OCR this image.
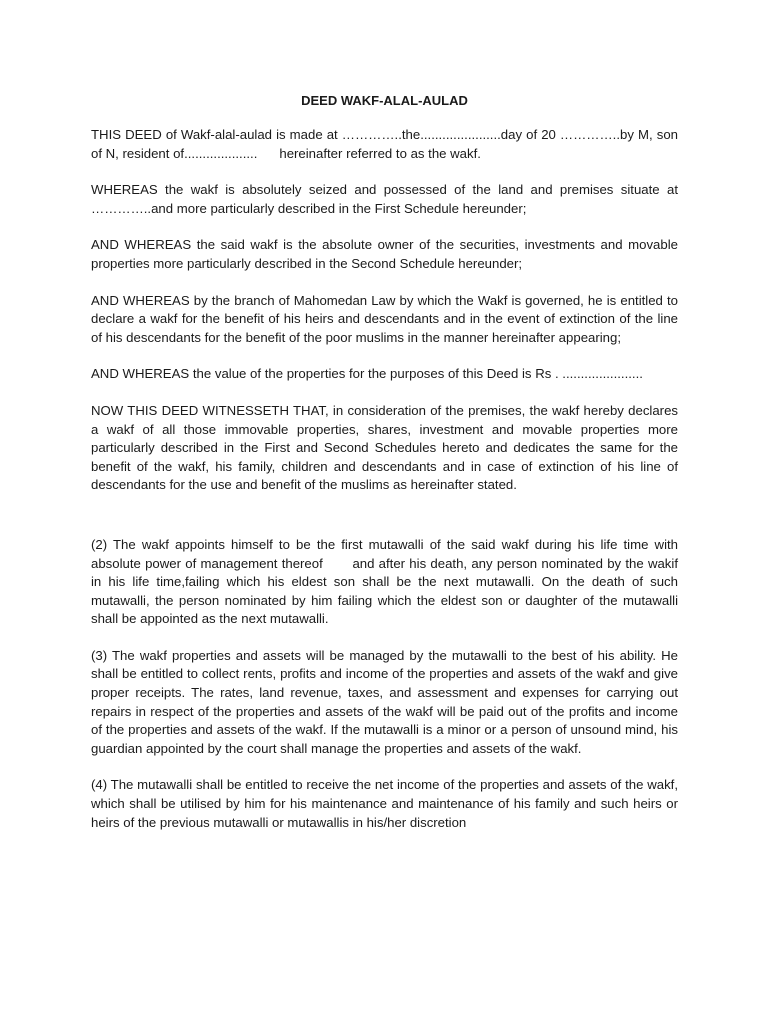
DEED WAKF-ALAL-AULAD

THIS DEED of Wakf-alal-aulad is made at …………..the......................day of 20 …………..by M, son of N, resident of....................      hereinafter referred to as the wakf.

WHEREAS the wakf is absolutely seized and possessed of the land and premises situate at …………..and more particularly described in the First Schedule hereunder;

AND WHEREAS the said wakf is the absolute owner of the securities, investments and movable properties more particularly described in the Second Schedule hereunder;

AND WHEREAS by the branch of Mahomedan Law by which the Wakf is governed, he is entitled to declare a wakf for the benefit of his heirs and descendants and in the event of extinction of the line of his descendants for the benefit of the poor muslims in the manner hereinafter appearing;

AND WHEREAS the value of the properties for the purposes of this Deed is Rs . ......................

NOW THIS DEED WITNESSETH THAT, in consideration of the premises, the wakf hereby declares a wakf of all those immovable properties, shares, investment and movable properties more particularly described in the First and Second Schedules hereto and dedicates the same for the benefit of the wakf, his family, children and descendants and in case of extinction of his line of descendants for the use and benefit of the muslims as hereinafter stated.

(2) The wakf appoints himself to be the first mutawalli of the said wakf during his life time with absolute power of management thereof       and after his death, any person nominated by the wakif in his life time,failing which his eldest son shall be the next mutawalli. On the death of such mutawalli, the person nominated by him failing which the eldest son or daughter of the mutawalli shall be appointed as the next mutawalli.

(3) The wakf properties and assets will be managed by the mutawalli to the best of his ability. He shall be entitled to collect rents, profits and income of the properties and assets of the wakf and give proper receipts. The rates, land revenue, taxes, and assessment and expenses for carrying out repairs in respect of the properties and assets of the wakf will be paid out of the profits and income of the properties and assets of the wakf. If the mutawalli is a minor or a person of unsound mind, his guardian appointed by the court shall manage the properties and assets of the wakf.

(4) The mutawalli shall be entitled to receive the net income of the properties and assets of the wakf, which shall be utilised by him for his maintenance and maintenance of his family and such heirs or heirs of the previous mutawalli or mutawallis in his/her discretion
